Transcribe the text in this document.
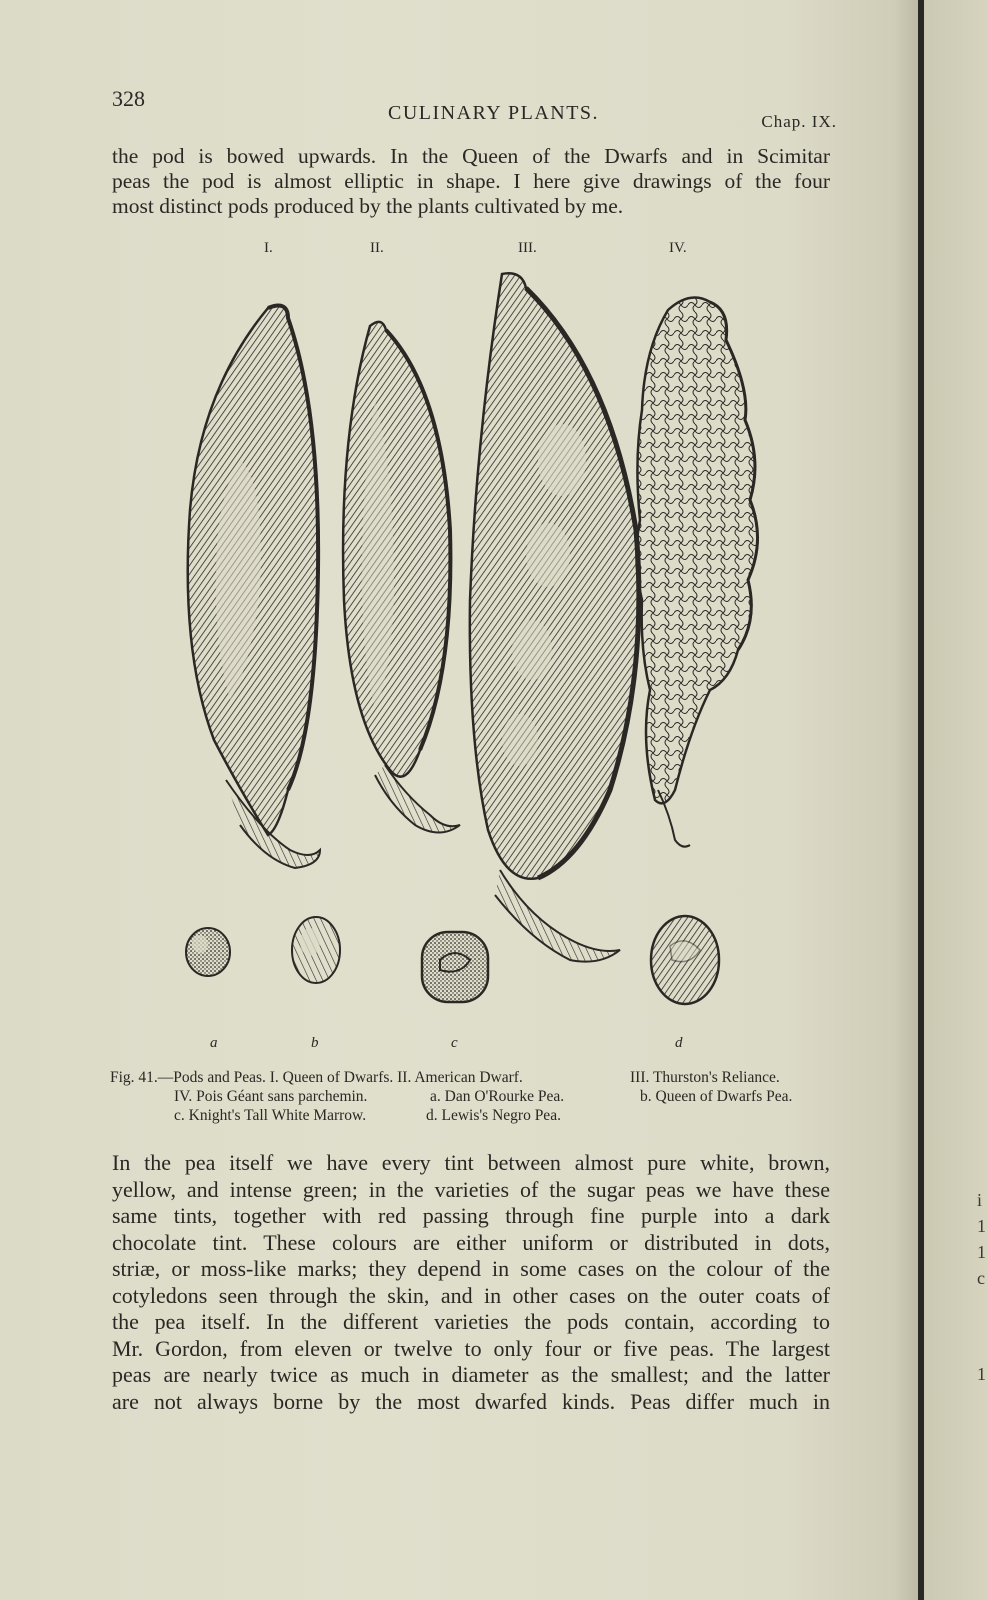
i
1
1
c
1
328
CULINARY PLANTS.	Chap. IX.
the pod is bowed upwards. In the Queen of the Dwarfs and in Scimitar
peas the pod is almost elliptic in shape. I here give drawings of the four
most distinct pods produced by the plants cultivated by me.
I.	II.	III.	IV.
a	b	c	d
Fig. 41.—Pods and Peas. I. Queen of Dwarfs. II. American Dwarf.	III. Thurston's Reliance.
IV. Pois Géant sans parchemin.	a. Dan O'Rourke Pea.	b. Queen of Dwarfs Pea.
c. Knight's Tall White Marrow.	d. Lewis's Negro Pea.
In the pea itself we have every tint between almost pure white, brown,
yellow, and intense green; in the varieties of the sugar peas we have these
same tints, together with red passing through fine purple into a dark
chocolate tint. These colours are either uniform or distributed in dots,
striæ, or moss-like marks; they depend in some cases on the colour of the
cotyledons seen through the skin, and in other cases on the outer coats of
the pea itself. In the different varieties the pods contain, according to
Mr. Gordon, from eleven or twelve to only four or five peas. The largest
peas are nearly twice as much in diameter as the smallest; and the latter
are not always borne by the most dwarfed kinds. Peas differ much in
